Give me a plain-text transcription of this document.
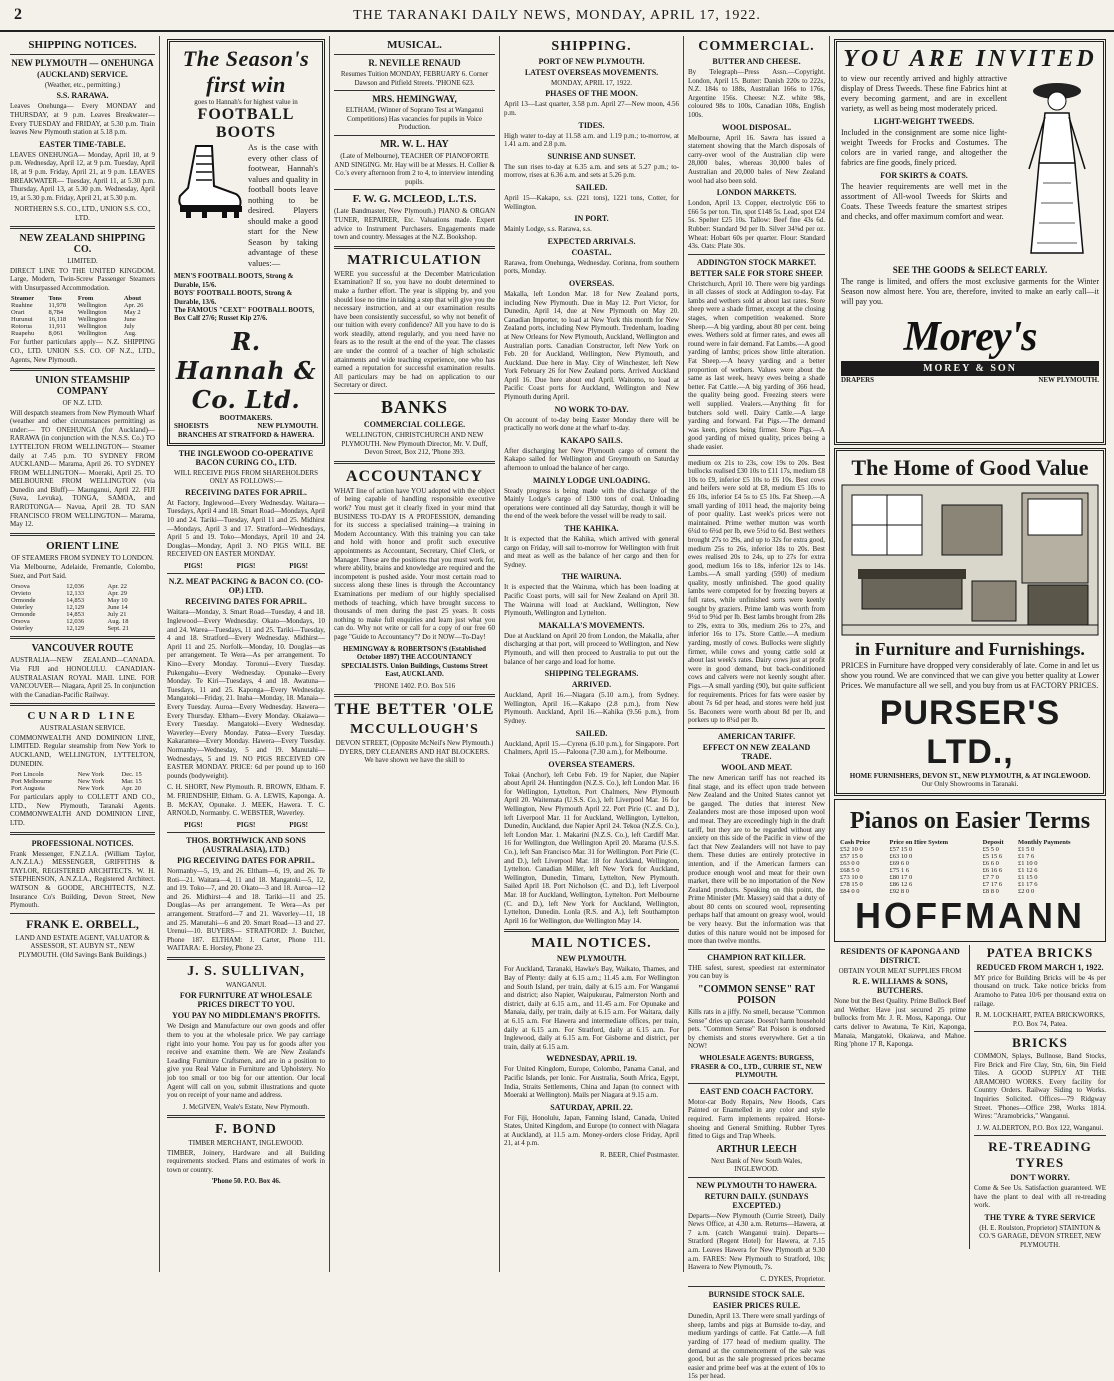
2	THE TARANAKI DAILY NEWS, MONDAY, APRIL 17, 1922.
SHIPPING NOTICES.
NEW PLYMOUTH — ONEHUNGA
(AUCKLAND) SERVICE.
(Weather, etc., permitting.)
S.S. RARAWA.
Leaves Onehunga— Every MONDAY and THURSDAY, at 9 p.m. Leaves Breakwater— Every TUESDAY and FRIDAY, at 5.30 p.m. Train leaves New Plymouth station at 5.18 p.m.
EASTER TIME-TABLE.
LEAVES ONEHUNGA— Monday, April 10, at 9 p.m. Wednesday, April 12, at 9 p.m. Tuesday, April 18, at 9 p.m. Friday, April 21, at 9 p.m. LEAVES BREAKWATER— Tuesday, April 11, at 5.30 p.m. Thursday, April 13, at 5.30 p.m. Wednesday, April 19, at 5.30 p.m. Friday, April 21, at 5.30 p.m.
NORTHERN S.S. CO., LTD., UNION S.S. CO., LTD.
NEW ZEALAND SHIPPING CO.
LIMITED.
DIRECT LINE TO THE UNITED KINGDOM. Large, Modern, Twin-Screw Passenger Steamers with Unsurpassed Accommodation.
Steamer	Tons	From	About
Ruahine	11,978	Wellington	Apr. 26
Orari	8,784	Wellington	May 2
Hurunui	16,118	Wellington	June
Rotorua	11,911	Wellington	July
Ruapehu	8,061	Wellington	Aug.
For further particulars apply— N.Z. SHIPPING CO., LTD. UNION S.S. CO. OF N.Z., LTD., Agents, New Plymouth.
UNION STEAMSHIP COMPANY
OF N.Z. LTD.
Will despatch steamers from New Plymouth Wharf (weather and other circumstances permitting) as under:— TO ONEHUNGA (for Auckland)— RARAWA (in conjunction with the N.S.S. Co.) TO LYTTELTON FROM WELLINGTON— Steamer daily at 7.45 p.m. TO SYDNEY FROM AUCKLAND— Marama, April 26. TO SYDNEY FROM WELLINGTON— Moeraki, April 25. TO MELBOURNE FROM WELLINGTON (via Dunedin and Bluff)— Maunganui, April 22. FIJI (Suva, Levuka), TONGA, SAMOA, and RAROTONGA— Navua, April 28. TO SAN FRANCISCO FROM WELLINGTON— Marama, May 12.
ORIENT LINE
OF STEAMERS FROM SYDNEY TO LONDON.
Via Melbourne, Adelaide, Fremantle, Colombo, Suez, and Port Said.
Orsova	12,036	Apr. 22
Orvieto	12,133	Apr. 29
Ormonde	14,853	May 10
Osterley	12,129	June 14
Ormonde	14,853	July 21
Orsova	12,036	Aug. 18
Osterley	12,129	Sept. 21
VANCOUVER ROUTE
AUSTRALIA—NEW ZEALAND—CANADA. Via FIJI and HONOLULU. CANADIAN-AUSTRALASIAN ROYAL MAIL LINE. FOR VANCOUVER— Niagara, April 25. In conjunction with the Canadian-Pacific Railway.
CUNARD LINE
AUSTRALASIAN SERVICE.
COMMONWEALTH AND DOMINION LINE, LIMITED. Regular steamship from New York to AUCKLAND, WELLINGTON, LYTTELTON, DUNEDIN.
Port Lincoln	New York	Dec. 15
Port Melbourne	New York	Mar. 15
Port Augusta	New York	Apr. 20
For particulars apply to COLLETT AND CO., LTD., New Plymouth, Taranaki Agents. COMMONWEALTH AND DOMINION LINE, LTD.
PROFESSIONAL NOTICES.
Frank Messenger, F.N.Z.I.A. (William Taylor, A.N.Z.I.A.) MESSENGER, GRIFFITHS & TAYLOR, REGISTERED ARCHITECTS. W. H. STEPHENSON, A.N.Z.I.A., Registered Architect. WATSON & GOODE, ARCHITECTS, N.Z. Insurance Co's Building, Devon Street, New Plymouth.
FRANK E. ORBELL,
LAND AND ESTATE AGENT, VALUATOR & ASSESSOR, ST. AUBYN ST., NEW PLYMOUTH. (Old Savings Bank Buildings.)
The Season's first win
goes to Hannah's for highest value in
FOOTBALL BOOTS
As is the case with every other class of footwear, Hannah's values and quality in football boots leave nothing to be desired. Players should make a good start for the New Season by taking advantage of these values:—
MEN'S FOOTBALL BOOTS, Strong & Durable, 15/6.
BOYS' FOOTBALL BOOTS, Strong & Durable, 13/6.
The FAMOUS "CEXT" FOOTBALL BOOTS, Box Calf 27/6; Russet Kip 27/6.
R. Hannah & Co. Ltd.
BOOTMAKERS.
SHOEISTS	NEW PLYMOUTH.
BRANCHES AT STRATFORD & HAWERA.
THE INGLEWOOD CO-OPERATIVE BACON CURING CO., LTD.
WILL RECEIVE PIGS FROM SHAREHOLDERS ONLY AS FOLLOWS:—
RECEIVING DATES FOR APRIL.
At Factory, Inglewood—Every Wednesday. Waitara—Tuesdays, April 4 and 18. Smart Road—Mondays, April 10 and 24. Tariki—Tuesday, April 11 and 25. Midhirst—Mondays, April 3 and 17. Stratford—Wednesdays, April 5 and 19. Toko—Mondays, April 10 and 24. Douglas—Monday, April 3. NO PIGS WILL BE RECEIVED ON EASTER MONDAY.
PIGS!	PIGS!	PIGS!
N.Z. MEAT PACKING & BACON CO. (CO-OP.) LTD.
RECEIVING DATES FOR APRIL.
Waitara—Monday, 3. Smart Road—Tuesday, 4 and 18. Inglewood—Every Wednesday. Okato—Mondays, 10 and 24. Warea—Tuesdays, 11 and 25. Tariki—Tuesday, 4 and 18. Stratford—Every Wednesday. Midhirst—April 11 and 25. Norfolk—Monday, 10. Douglas—as per arrangement. Te Wera—As per arrangement. To Kino—Every Monday. Toronui—Every Tuesday. Pukengahu—Every Wednesday. Opunake—Every Monday. Te Kiri—Tuesdays, 4 and 18. Awatuna—Tuesdays, 11 and 25. Kaponga—Every Wednesday. Mangatoki—Friday, 21. Inaha—Monday, 18. Manaia—Every Tuesday. Auroa—Every Wednesday. Hawera—Every Thursday. Eltham—Every Monday. Okaiawa—Every Tuesday. Mangatoki—Every Wednesday. Waverley—Every Monday. Patea—Every Tuesday. Kakaramea—Every Monday. Hawera—Every Tuesday. Normanby—Wednesday, 5 and 19. Manutahi—Wednesdays, 5 and 19. NO PIGS RECEIVED ON EASTER MONDAY. PRICE: 6d per pound up to 160 pounds (bodyweight).
C. H. SHORT, New Plymouth. R. BROWN, Eltham. F. M. FRIENDSHIP, Eltham. G. A. LEWIS, Kaponga. A. B. McKAY, Opunake. J. MEEK, Hawera. T. C. ARNOLD, Normanby. C. WEBSTER, Waverley.
PIGS!	PIGS!	PIGS!
THOS. BORTHWICK AND SONS (AUSTRALASIA), LTD.)
PIG RECEIVING DATES FOR APRIL.
Normanby—5, 19, and 26. Eltham—6, 19, and 26. Te Roti—21. Waitara—4, 11 and 18. Mangatoki—5, 12, and 19. Toko—7, and 20. Okato—3 and 18. Auroa—12 and 26. Midhirst—4 and 18. Tariki—11 and 25. Douglas—As per arrangement. Te Wera—As per arrangement. Stratford—7 and 21. Waverley—11, 18 and 25. Manutahi—6 and 20. Smart Road—13 and 27. Urenui—10. BUYERS— STRATFORD: J. Butcher, Phone 187. ELTHAM: J. Carter, Phone 111. WAITARA: E. Horsley, Phone 23.
J. S. SULLIVAN,
WANGANUI.
FOR FURNITURE AT WHOLESALE PRICES DIRECT TO YOU.
YOU PAY NO MIDDLEMAN'S PROFITS.
We Design and Manufacture our own goods and offer them to you at the wholesale price. We pay carriage right into your home. You pay us for goods after you receive and examine them. We are New Zealand's Leading Furniture Craftsmen, and are in a position to give you Real Value in Furniture and Upholstery. No job too small or too big for our attention. Our local Agent will call on you, submit illustrations and quote you on receipt of your name and address.
J. McGIVEN, Veale's Estate, New Plymouth.
F. BOND
TIMBER MERCHANT, INGLEWOOD.
TIMBER, Joinery, Hardware and all Building requirements stocked. Plans and estimates of work in town or country.
'Phone 50. P.O. Box 46.
MUSICAL.
R. NEVILLE RENAUD
Resumes Tuition MONDAY, FEBRUARY 6. Corner Dawson and Pitfield Streets. 'PHONE 623.
MRS. HEMINGWAY,
ELTHAM, (Winner of Soprano Test at Wanganui Competitions) Has vacancies for pupils in Voice Production.
MR. W. L. HAY
(Late of Melbourne), TEACHER OF PIANOFORTE AND SINGING. Mr. Hay will be at Messrs. H. Collier & Co.'s every afternoon from 2 to 4, to interview intending pupils.
F. W. G. MCLEOD, L.T.S.
(Late Bandmaster, New Plymouth.) PIANO & ORGAN TUNER, REPAIRER, Etc. Valuations made. Expert advice to Instrument Purchasers. Engagements made town and country. Messages at the N.Z. Bookshop.
MATRICULATION
WERE you successful at the December Matriculation Examination? If so, you have no doubt determined to make a further effort. The year is slipping by, and you should lose no time in taking a step that will give you the necessary instruction, and at our examination results have been consistently successful, so why not benefit of our tuition with every confidence? All you have to do is work steadily, attend regularly, and you need have no fears as to the result at the end of the year. The classes are under the control of a teacher of high scholastic attainments and wide teaching experience, one who has earned a reputation for successful examination results. All particulars may be had on application to our Secretary or direct.
BANKS
COMMERCIAL COLLEGE.
WELLINGTON, CHRISTCHURCH AND NEW PLYMOUTH. New Plymouth Director, Mr. V. Duff, Devon Street, Box 212, 'Phone 393.
ACCOUNTANCY
WHAT line of action have YOU adopted with the object of being capable of handling responsible executive work? You must get it clearly fixed in your mind that BUSINESS TO-DAY IS A PROFESSION, demanding for its success a specialised training—a training in Modern Accountancy. With this training you can take and hold with honor and profit such executive appointments as Accountant, Secretary, Chief Clerk, or Manager. These are the positions that you must work for, where ability, brains and knowledge are required and the incompetent is pushed aside. Your most certain road to success along these lines is through the Accountancy Examinations per medium of our highly specialised methods of teaching, which have brought success to thousands of men during the past 25 years. It costs nothing to make full enquiries and learn just what you can do. Why not write or call for a copy of our free 60 page "Guide to Accountancy"? Do it NOW—To-Day!
HEMINGWAY & ROBERTSON'S (Established October 1897) THE ACCOUNTANCY SPECIALISTS. Union Buildings, Customs Street East, AUCKLAND.
'PHONE 1402. P.O. Box 516
THE BETTER 'OLE
MCCULLOUGH'S
DEVON STREET, (Opposite McNeil's New Plymouth.) DYERS, DRY CLEANERS AND HAT BLOCKERS. We have shown we have the skill to
SHIPPING.
PORT OF NEW PLYMOUTH.
LATEST OVERSEAS MOVEMENTS.
MONDAY, APRIL 17, 1922.
PHASES OF THE MOON.
April 13—Last quarter, 3.58 p.m. April 27—New moon, 4.56 p.m.
TIDES.
High water to-day at 11.58 a.m. and 1.19 p.m.; to-morrow, at 1.41 a.m. and 2.8 p.m.
SUNRISE AND SUNSET.
The sun rises to-day at 6.35 a.m. and sets at 5.27 p.m.; to-morrow, rises at 6.36 a.m. and sets at 5.26 p.m.
SAILED.
April 15—Kakapo, s.s. (221 tons), 1221 tons, Cotter, for Wellington.
IN PORT.
Mainly Lodge, s.s. Rarawa, s.s.
EXPECTED ARRIVALS.
COASTAL.
Rarawa, from Onehunga, Wednesday. Corinna, from southern ports, Monday.
OVERSEAS.
Makalla, left London Mar. 18 for New Zealand ports, including New Plymouth. Due in May 12. Port Victor, for Dunedin, April 14, due at New Plymouth on May 20. Canadian Importer, to load at New York this month for New Zealand ports, including New Plymouth. Tredenham, loading at New Orleans for New Plymouth, Auckland, Wellington and Australian ports. Canadian Constructor, left New York on Feb. 20 for Auckland, Wellington, New Plymouth, and Auckland. Due here in May. City of Winchester, left New York February 26 for New Zealand ports. Arrived Auckland April 16. Due here about end April. Waitomo, to load at Pacific Coast ports for Auckland, Wellington and New Plymouth during April.
NO WORK TO-DAY.
On account of to-day being Easter Monday there will be practically no work done at the wharf to-day.
KAKAPO SAILS.
After discharging her New Plymouth cargo of cement the Kakapo sailed for Wellington and Greymouth on Saturday afternoon to unload the balance of her cargo.
MAINLY LODGE UNLOADING.
Steady progress is being made with the discharge of the Mainly Lodge's cargo of 1300 tons of coal. Unloading operations were continued all day Saturday, though it will be the end of the week before the vessel will be ready to sail.
THE KAHIKA.
It is expected that the Kahika, which arrived with general cargo on Friday, will sail to-morrow for Wellington with fruit and meat as well as the balance of her cargo and then for Sydney.
THE WAIRUNA.
It is expected that the Wairuna, which has been loading at Pacific Coast ports, will sail for New Zealand on April 30. The Wairuna will load at Auckland, Wellington, New Plymouth, Wellington and Lyttelton.
MAKALLA'S MOVEMENTS.
Due at Auckland on April 20 from London, the Makalla, after discharging at that port, will proceed to Wellington, and New Plymouth, and will then proceed to Australia to put out the balance of her cargo and load for home.
SHIPPING TELEGRAMS.
ARRIVED.
Auckland, April 16.—Niagara (5.10 a.m.), from Sydney. Wellington, April 16.—Kakapo (2.8 p.m.), from New Plymouth. Auckland, April 16.—Kahika (9.56 p.m.), from Sydney.
SAILED.
Auckland, April 15.—Cyrena (6.10 p.m.), for Singapore. Port Chalmers, April 15.—Paloona (7.30 a.m.), for Melbourne.
OVERSEA STEAMERS.
Tokai (Anchor), left Cebu Feb. 19 for Napier, due Napier about April 24. Huntingdon (N.Z.S. Co.), left London Mar. 16 for Wellington, Lyttelton, Port Chalmers, New Plymouth April 20. Waitemata (U.S.S. Co.), left Liverpool Mar. 16 for Wellington, New Plymouth April 22. Port Pirie (C. and D.), left Liverpool Mar. 11 for Auckland, Wellington, Lyttelton, Dunedin, Auckland, due Napier April 24. Tekoa (N.Z.S. Co.), left London Mar. 1. Makarini (N.Z.S. Co.), left Cardiff Mar. 16 for Wellington, due Wellington April 20. Marama (U.S.S. Co.), left San Francisco Mar. 31 for Wellington. Port Pirie (C. and D.), left Liverpool Mar. 18 for Auckland, Wellington, Lyttelton. Canadian Miller, left New York for Auckland, Wellington, Dunedin, Timaru, Lyttelton, New Plymouth. Sailed April 18. Port Nicholson (C. and D.), left Liverpool Mar. 18 for Auckland, Wellington, Lyttelton. Port Melbourne (C. and D.), left New York for Auckland, Wellington, Lyttelton, Dunedin. Lonla (R.S. and A.), left Southampton April 16 for Wellington, due Wellington May 14.
MAIL NOTICES.
NEW PLYMOUTH.
For Auckland, Taranaki, Hawke's Bay, Waikato, Thames, and Bay of Plenty: daily at 6.15 a.m.; 11.45 a.m. For Wellington and South Island, per train, daily at 6.15 a.m. For Wanganui and district; also Napier, Waipukurau, Palmerston North and district, daily at 6.15 a.m., and 11.45 a.m. For Opunake and Manaia, daily, per train, daily at 6.15 a.m. For Waitara, daily at 6.15 a.m. For Hawera and intermediate offices, per train, daily at 6.15 a.m. For Stratford, daily at 6.15 a.m. For Inglewood, daily at 6.15 a.m. For Gisborne and district, per train, daily at 6.15 a.m.
WEDNESDAY, APRIL 19.
For United Kingdom, Europe, Colombo, Panama Canal, and Pacific Islands, per Ionic. For Australia, South Africa, Egypt, India, Straits Settlements, China and Japan (to connect with Moeraki at Wellington). Mails per Niagara at 9.15 a.m.
SATURDAY, APRIL 22.
For Fiji, Honolulu, Japan, Fanning Island, Canada, United States, United Kingdom, and Europe (to connect with Niagara at Auckland), at 11.5 a.m. Money-orders close Friday, April 21, at 4 p.m.
R. BEER, Chief Postmaster.
COMMERCIAL.
BUTTER AND CHEESE.
By Telegraph—Press Assn.—Copyright. London, April 15. Butter: Danish 220s to 222s, N.Z. 184s to 188s, Australian 166s to 176s, Argentine 156s. Cheese: N.Z. white 98s, coloured 98s to 100s, Canadian 108s, English 100s.
WOOL DISPOSAL.
Melbourne, April 16. Sawra has issued a statement showing that the March disposals of carry-over wool of the Australian clip were 28,000 bales, whereas 30,000 bales of Australian and 20,000 bales of New Zealand wool had also been sold.
LONDON MARKETS.
London, April 13. Copper, electrolytic £66 to £66 5s per ton. Tin, spot £148 5s. Lead, spot £24 5s. Spelter £25 10s. Tallow: Beef fine 43s 6d. Rubber: Standard 9d per lb. Silver 34⅝d per oz. Wheat: Hobart 60s per quarter. Flour: Standard 43s. Oats: Plate 30s.
ADDINGTON STOCK MARKET.
BETTER SALE FOR STORE SHEEP.
Christchurch, April 10. There were big yardings in all classes of stock at Addington to-day. Fat lambs and wethers sold at about last rates. Store sheep were a shade firmer, except at the closing stages, when competition weakened. Store Sheep.—A big yarding, about 80 per cent. being ewes. Wethers sold at firmer rates, and ewes all round were in fair demand. Fat Lambs.—A good yarding of lambs; prices show little alteration. Fat Sheep.—A heavy yarding and a better proportion of wethers. Values were about the same as last week, heavy ewes being a shade better. Fat Cattle.—A big yarding of 366 head, the quality being good. Freezing steers were well supplied. Vealers.—Anything fit for butchers sold well. Dairy Cattle.—A large yarding and forward. Fat Pigs.—The demand was keen, prices being firmer. Store Pigs.—A good yarding of mixed quality, prices being a shade easier.
medium ox 21s to 23s, cow 19s to 20s. Best bullocks realised £30 10s to £11 17s, medium £8 10s to £9, inferior £5 10s to £6 10s. Best cows and heifers were sold at £8, medium £5 10s to £6 10s, inferior £4 5s to £5 10s. Fat Sheep.—A small yarding of 1011 head, the majority being of poor quality. Last week's prices were not maintained. Prime wether mutton was worth 6¼d to 6½d per lb, ewe 5½d to 6d. Best wethers brought 27s to 29s, and up to 32s for extra good, medium 25s to 26s, inferior 18s to 20s. Best ewes realised 20s to 24s, up to 27s for extra good, medium 16s to 18s, inferior 12s to 14s. Lambs.—A small yarding (590) of medium quality, mostly unfinished. The good quality lambs were competed for by freezing buyers at full rates, while unfinished sorts were keenly sought by graziers. Prime lamb was worth from 9½d to 9¾d per lb. Best lambs brought from 28s to 29s, extra to 30s, medium 26s to 27s, and inferior 16s to 17s. Store Cattle.—A medium yarding, mostly of cows. Bullocks were slightly firmer, while cows and young cattle sold at about last week's rates. Dairy cows just at profit were in good demand, but back-conditioned cows and calvers were not keenly sought after. Pigs.—A small yarding (90), but quite sufficient for requirements. Prices for fats were easier by about 7s 6d per head, and stores were held just 5s. Baconers were worth about 8d per lb, and porkers up to 8¼d per lb.
AMERICAN TARIFF.
EFFECT ON NEW ZEALAND TRADE.
WOOL AND MEAT.
The new American tariff has not reached its final stage, and its effect upon trade between New Zealand and the United States cannot yet be gauged. The duties that interest New Zealanders most are those imposed upon wool and meat. They are exceedingly high in the draft tariff, but they are to be regarded without any anxiety on this side of the Pacific in view of the fact that New Zealanders will not have to pay them. These duties are entirely protective in intention, and if the American farmers can produce enough wool and meat for their own market, there will be no importation of the New Zealand products. Speaking on this point, the Prime Minister (Mr. Massey) said that a duty of about 80 cents on scoured wool, representing perhaps half that amount on greasy wool, would be very heavy. But the information was that duties of this nature would not be imposed for more than twelve months.
CHAMPION RAT KILLER.
THE safest, surest, speediest rat exterminator you can buy is
"COMMON SENSE" RAT POISON
Kills rats in a jiffy. No smell, because "Common Sense" dries up carcase. Doesn't harm household pets. "Common Sense" Rat Poison is endorsed by chemists and stores everywhere. Get a tin NOW!
WHOLESALE AGENTS: BURGESS, FRASER & CO., LTD., CURRIE ST., NEW PLYMOUTH.
EAST END COACH FACTORY.
Motor-car Body Repairs, New Hoods, Cars Painted or Enamelled in any color and style required. Farm implements repaired. Horse-shoeing and General Smithing. Rubber Tyres fitted to Gigs and Trap Wheels.
ARTHUR LEECH
Next Bank of New South Wales, INGLEWOOD.
NEW PLYMOUTH TO HAWERA.
RETURN DAILY. (SUNDAYS EXCEPTED.)
Departs—New Plymouth (Currie Street), Daily News Office, at 4.30 a.m. Returns—Hawera, at 7 a.m. (catch Wanganui train). Departs—Stratford (Regent Hotel) for Hawera, at 7.15 a.m. Leaves Hawera for New Plymouth at 9.30 a.m. FARES: New Plymouth to Stratford, 10s; Hawera to New Plymouth, 7s.
C. DYKES, Proprietor.
BURNSIDE STOCK SALE.
EASIER PRICES RULE.
Dunedin, April 13. There were small yardings of sheep, lambs and pigs at Burnside to-day, and medium yardings of cattle. Fat Cattle.—A full yarding of 177 head of medium quality. The demand at the commencement of the sale was good, but as the sale progressed prices became easier and prime beef was at the extent of 10s to 15s per head.
YOU ARE INVITED
to view our recently arrived and highly attractive display of Dress Tweeds. These fine Fabrics hint at every becoming garment, and are in excellent variety, as well as being most moderately priced.
LIGHT-WEIGHT TWEEDS.
Included in the consignment are some nice light-weight Tweeds for Frocks and Costumes. The colors are in varied range, and altogether the fabrics are fine goods, finely priced.
FOR SKIRTS & COATS.
The heavier requirements are well met in the assortment of All-wool Tweeds for Skirts and Coats. These Tweeds feature the smartest stripes and checks, and offer maximum comfort and wear.
SEE THE GOODS & SELECT EARLY.
The range is limited, and offers the most exclusive garments for the Winter Season now almost here. You are, therefore, invited to make an early call—it will pay you.
Morey's
MOREY & SON
DRAPERS	NEW PLYMOUTH.
The Home of Good Value
in Furniture and Furnishings.
PRICES in Furniture have dropped very considerably of late. Come in and let us show you round. We are convinced that we can give you better quality at Lower Prices. We manufacture all we sell, and you buy from us at FACTORY PRICES.
PURSER'S LTD.,
HOME FURNISHERS, DEVON ST., NEW PLYMOUTH, & AT INGLEWOOD.
Our Only Showrooms in Taranaki.
Pianos on Easier Terms
Cash Price	Price on Hire System	Deposit	Monthly Payments
£52 10 0	£57 15 0	£5 5 0	£1 5 0
£57 15 0	£63 10 0	£5 15 6	£1 7 6
£63 0 0	£69 6 0	£6 6 0	£1 10 0
£68 5 0	£75 1 6	£6 16 6	£1 12 6
£73 10 0	£80 17 0	£7 7 0	£1 15 0
£78 15 0	£86 12 6	£7 17 6	£1 17 6
£84 0 0	£92 8 0	£8 8 0	£2 0 0
HOFFMANN
RESIDENTS OF KAPONGA AND DISTRICT.
OBTAIN YOUR MEAT SUPPLIES FROM
R. E. WILLIAMS & SONS, BUTCHERS.
None but the Best Quality. Prime Bullock Beef and Wether. Have just secured 25 prime bullocks from Mr. J. R. Moss, Kaponga. Our carts deliver to Awatuna, Te Kiri, Kaponga, Manaia, Mangatoki, Okaiawa, and Mahoe. Ring 'phone 17 R, Kaponga.
PATEA BRICKS
REDUCED FROM MARCH 1, 1922.
MY price for Building Bricks will be 4s per thousand on truck. Take notice bricks from Aramoho to Patea 10/6 per thousand extra on railage.
R. M. LOCKHART, PATEA BRICKWORKS, P.O. Box 74, Patea.
BRICKS
COMMON, Splays, Bullnose, Band Stocks, Fire Brick and Fire Clay, Stn, 6in, 9in Field Tiles. A GOOD SUPPLY AT THE ARAMOHO WORKS. Every facility for Country Orders. Railway Siding to Works. Inquiries Solicited. Offices—79 Ridgway Street. 'Phones—Office 298, Works 1814. Wires: "Aramobricks," Wanganui.
J. W. ALDERTON, P.O. Box 122, Wanganui.
RE-TREADING TYRES
DON'T WORRY.
Come & See Us. Satisfaction guaranteed. WE have the plant to deal with all re-treading work.
THE TYRE & TYRE SERVICE
(H. E. Roulston, Proprietor) STAINTON & CO.'S GARAGE, DEVON STREET, NEW PLYMOUTH.
